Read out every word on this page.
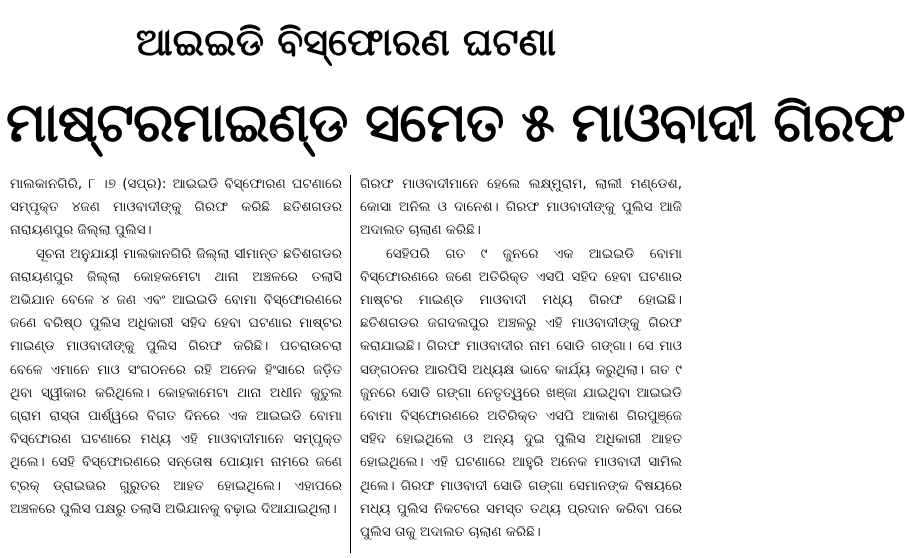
ଆଇଇଡି ବିସ୍ଫୋରଣ ଘଟଣା
ମାଷ୍ଟରମାଇଣ୍ଡ ସମେତ ୫ ମାଓବାଦୀ ଗିରଫ

ମାଲକାନଗିରି, ୮ ।୭ (ସପ୍ର): ଆଇଇଡି ବିସ୍ଫୋରଣ ଘଟଣାରେ ସମ୍ପୃକ୍ତ ୪ଜଣ ମାଓବାଦୀଙ୍କୁ ଗିରଫ କରିଛି ଛତିଶଗଡର ନାରାୟଣପୁର ଜିଲ୍ଲା ପୁଲିସ।

ସୂଚନା ଅନୁଯାୟୀ ମାଲକାନଗିରି ଜିଲ୍ଲା ସୀମାନ୍ତ ଛତିଶଗଡର ନାରାୟଣପୁର ଜିଲ୍ଲା କୋହକମେଟା ଥାନା ଅଞ୍ଚଳରେ ତଲାସି ଅଭିଯାନ ବେଳେ ୪ ଜଣ ଏବଂ ଆଇଇଡି ବୋମା ବିସ୍ଫୋରଣରେ ଜଣେ ବରିଷ୍ଠ ପୁଲିସ ଅଧିକାରୀ ସହିଦ ହେବା ଘଟଣାର ମାଷ୍ଟର ମାଇଣ୍ଡ ମାଓବାଦୀଙ୍କୁ ପୁଲିସ ଗିରଫ କରିଛି। ପଚରାଉଚରା ବେଳେ ଏମାନେ ମାଓ ସଂଗଠନରେ ରହି ଅନେକ ହିଂସାରେ ଜଡ଼ିତ ଥିବା ସ୍ୱୀକାର କରିଥିଲେ। କୋହକାମେଟା ଥାନା ଅଧୀନ କୁତୁଲ ଗ୍ରାମ ରାସ୍ତା ପାର୍ଶ୍ୱରେ ବିଗତ ଦିନରେ ଏକ ଆଇଇଡି ବୋମା ବିସ୍ଫୋରଣ ଘଟଣାରେ ମଧ୍ୟ ଏହି ମାଓବାଦୀମାନେ ସମ୍ପୃକ୍ତ ଥିଲେ। ସେହି ବିସ୍ଫୋରଣରେ ସନ୍ତୋଷ ପୋୟାମ ନାମରେ ଜଣେ ଟ୍ରକ୍ ଡ୍ରାଇଭର ଗୁରୁତର ଆହତ ହୋଇଥିଲେ। ଏହାପରେ ଅଞ୍ଚଳରେ ପୁଲିସ ପକ୍ଷରୁ ତଲାସି ଅଭିଯାନକୁ ବଢ଼ାଇ ଦିଆଯାଇଥିଲା।

ଗିରଫ ମାଓବାଦୀମାନେ ହେଲେ ଲକ୍ଷ୍ମୁରାମ, ଲାଲୀ ମଣ୍ଡେଶ, କୋସା ଅନିଲ ଓ ଦାନେଶ। ଗିରଫ ମାଓବାଦୀଙ୍କୁ ପୁଲିସ ଆଜି ଅଦାଲତ ଚାଲାଣ କରିଛି।

ସେହିପରି ଗତ ୯ ଜୁନରେ ଏକ ଆଇଇଡି ବୋମା ବିସ୍ଫୋରଣରେ ଜଣେ ଅତିରିକ୍ତ ଏସପି ସହିଦ ହେବା ଘଟଣାର ମାଷ୍ଟର ମାଇଣ୍ଡ ମାଓବାଦୀ ମଧ୍ୟ ଗିରଫ ହୋଇଛି। ଛତିଶଗଡର ଜଗଦଲପୁର ଅଞ୍ଚଳରୁ ଏହି ମାଓବାଦୀଙ୍କୁ ଗିରଫ କରାଯାଇଛି। ଗିରଫ ମାଓବାଦୀର ନାମ ସୋଡି ଗଙ୍ଗା। ସେ ମାଓ ସଙ୍ଗଠନର ଆରପିସି ଅଧ୍ୟକ୍ଷ ଭାବେ କାର୍ଯ୍ୟ କରୁଥିଲା। ଗତ ୯ ଜୁନରେ ସୋଡି ଗଙ୍ଗା ନେତୃତ୍ୱରେ ଖଞ୍ଜା ଯାଇଥିବା ଆଇଇଡି ବୋମା ବିସ୍ଫୋରଣରେ ଅତିରିକ୍ତ ଏସପି ଆକାଶ ଗିରପୁଞ୍ଜେ ସହିଦ ହୋଇଥିଲେ ଓ ଅନ୍ୟ ଦୁଇ ପୁଲିସ ଅଧିକାରୀ ଆହତ ହୋଇଥିଲେ। ଏହି ଘଟଣାରେ ଆହୁରି ଅନେକ ମାଓବାଦୀ ସାମିଲ ଥିଲେ। ଗିରଫ ମାଓବାଦୀ ସୋଡି ଗଙ୍ଗା ସେମାନଙ୍କ ବିଷୟରେ ମଧ୍ୟ ପୁଲିସ ନିକଟରେ ସମସ୍ତ ତଥ୍ୟ ପ୍ରଦାନ କରିବା ପରେ ପୁଲିସ ତାକୁ ଅଦାଲତ ଚାଲାଣ କରିଛି।
